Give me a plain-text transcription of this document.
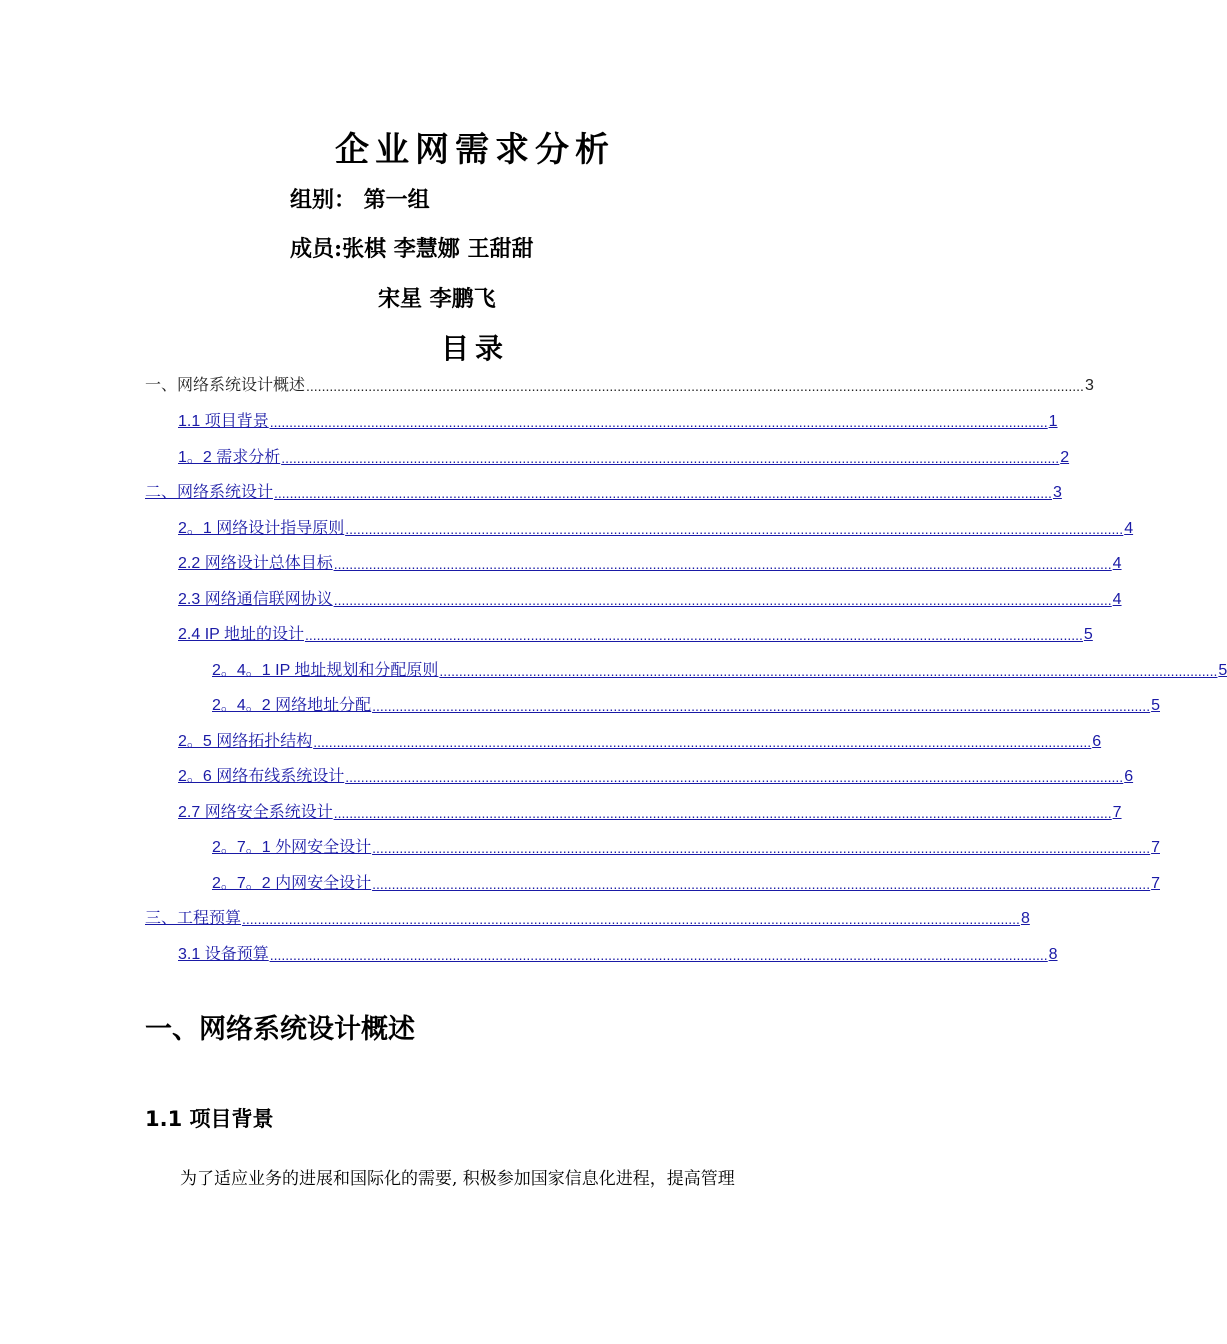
企业网需求分析
组别： 第一组
成员:张棋 李慧娜 王甜甜
宋星 李鹏飞
目录
一、网络系统设计概述 ........................................................................................................................................................................................................ 3
1.1 项目背景 ........................................................................................................................................................................................................ 1
1。2 需求分析 ........................................................................................................................................................................................................ 2
二、网络系统设计 ........................................................................................................................................................................................................ 3
2。1 网络设计指导原则 ........................................................................................................................................................................................................ 4
2.2 网络设计总体目标 ........................................................................................................................................................................................................ 4
2.3 网络通信联网协议 ........................................................................................................................................................................................................ 4
2.4 IP 地址的设计 ........................................................................................................................................................................................................ 5
2。4。1 IP 地址规划和分配原则 ........................................................................................................................................................................................................ 5
2。4。2 网络地址分配 ........................................................................................................................................................................................................ 5
2。5 网络拓扑结构 ........................................................................................................................................................................................................ 6
2。6 网络布线系统设计 ........................................................................................................................................................................................................ 6
2.7 网络安全系统设计 ........................................................................................................................................................................................................ 7
2。7。1 外网安全设计 ........................................................................................................................................................................................................ 7
2。7。2 内网安全设计 ........................................................................................................................................................................................................ 7
三、工程预算 ........................................................................................................................................................................................................ 8
3.1 设备预算 ........................................................................................................................................................................................................ 8
一、网络系统设计概述
1.1 项目背景
为了适应业务的进展和国际化的需要, 积极参加国家信息化进程，提高管理
